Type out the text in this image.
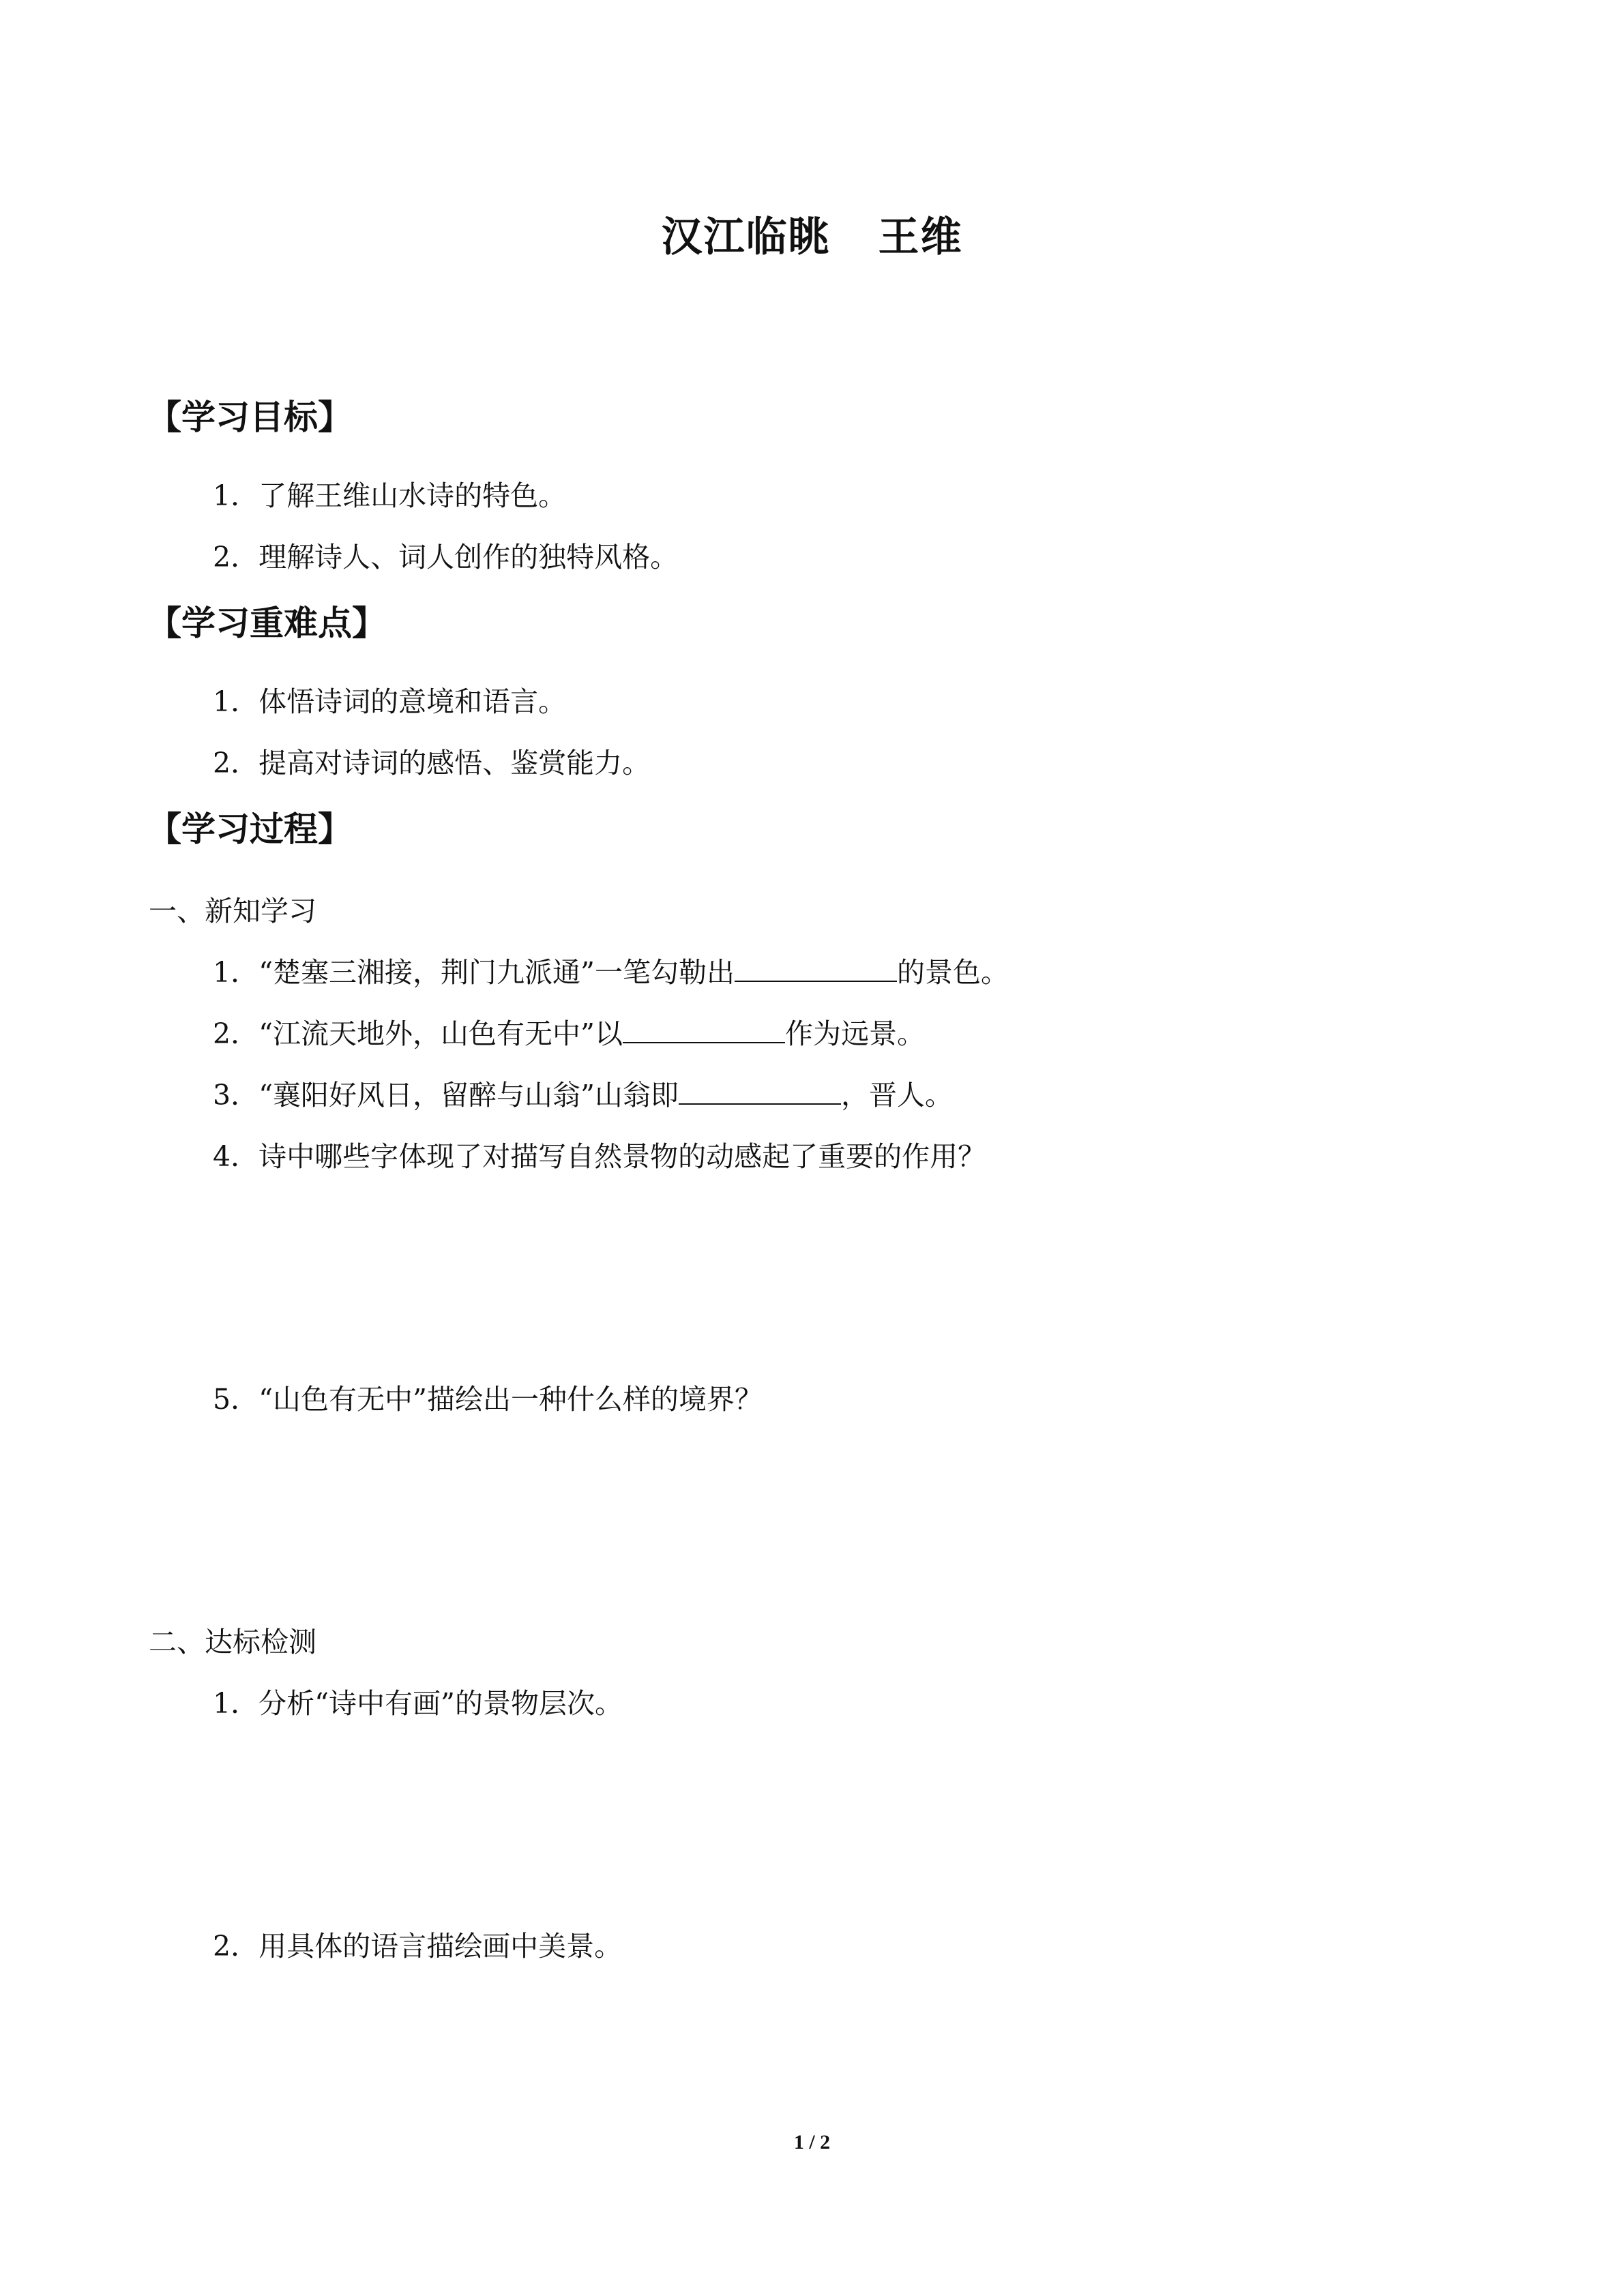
汉江临眺 王维
【学习目标】
1．了解王维山水诗的特色。
2．理解诗人、词人创作的独特风格。
【学习重难点】
1．体悟诗词的意境和语言。
2．提高对诗词的感悟、鉴赏能力。
【学习过程】
一、新知学习
1．“楚塞三湘接，荆门九派通”一笔勾勒出	的景色。
2．“江流天地外，山色有无中”以	作为远景。
3．“襄阳好风日，留醉与山翁”山翁即	，晋人。
4．诗中哪些字体现了对描写自然景物的动感起了重要的作用？
5．“山色有无中”描绘出一种什么样的境界？
二、达标检测
1．分析“诗中有画”的景物层次。
2．用具体的语言描绘画中美景。
1 / 2
